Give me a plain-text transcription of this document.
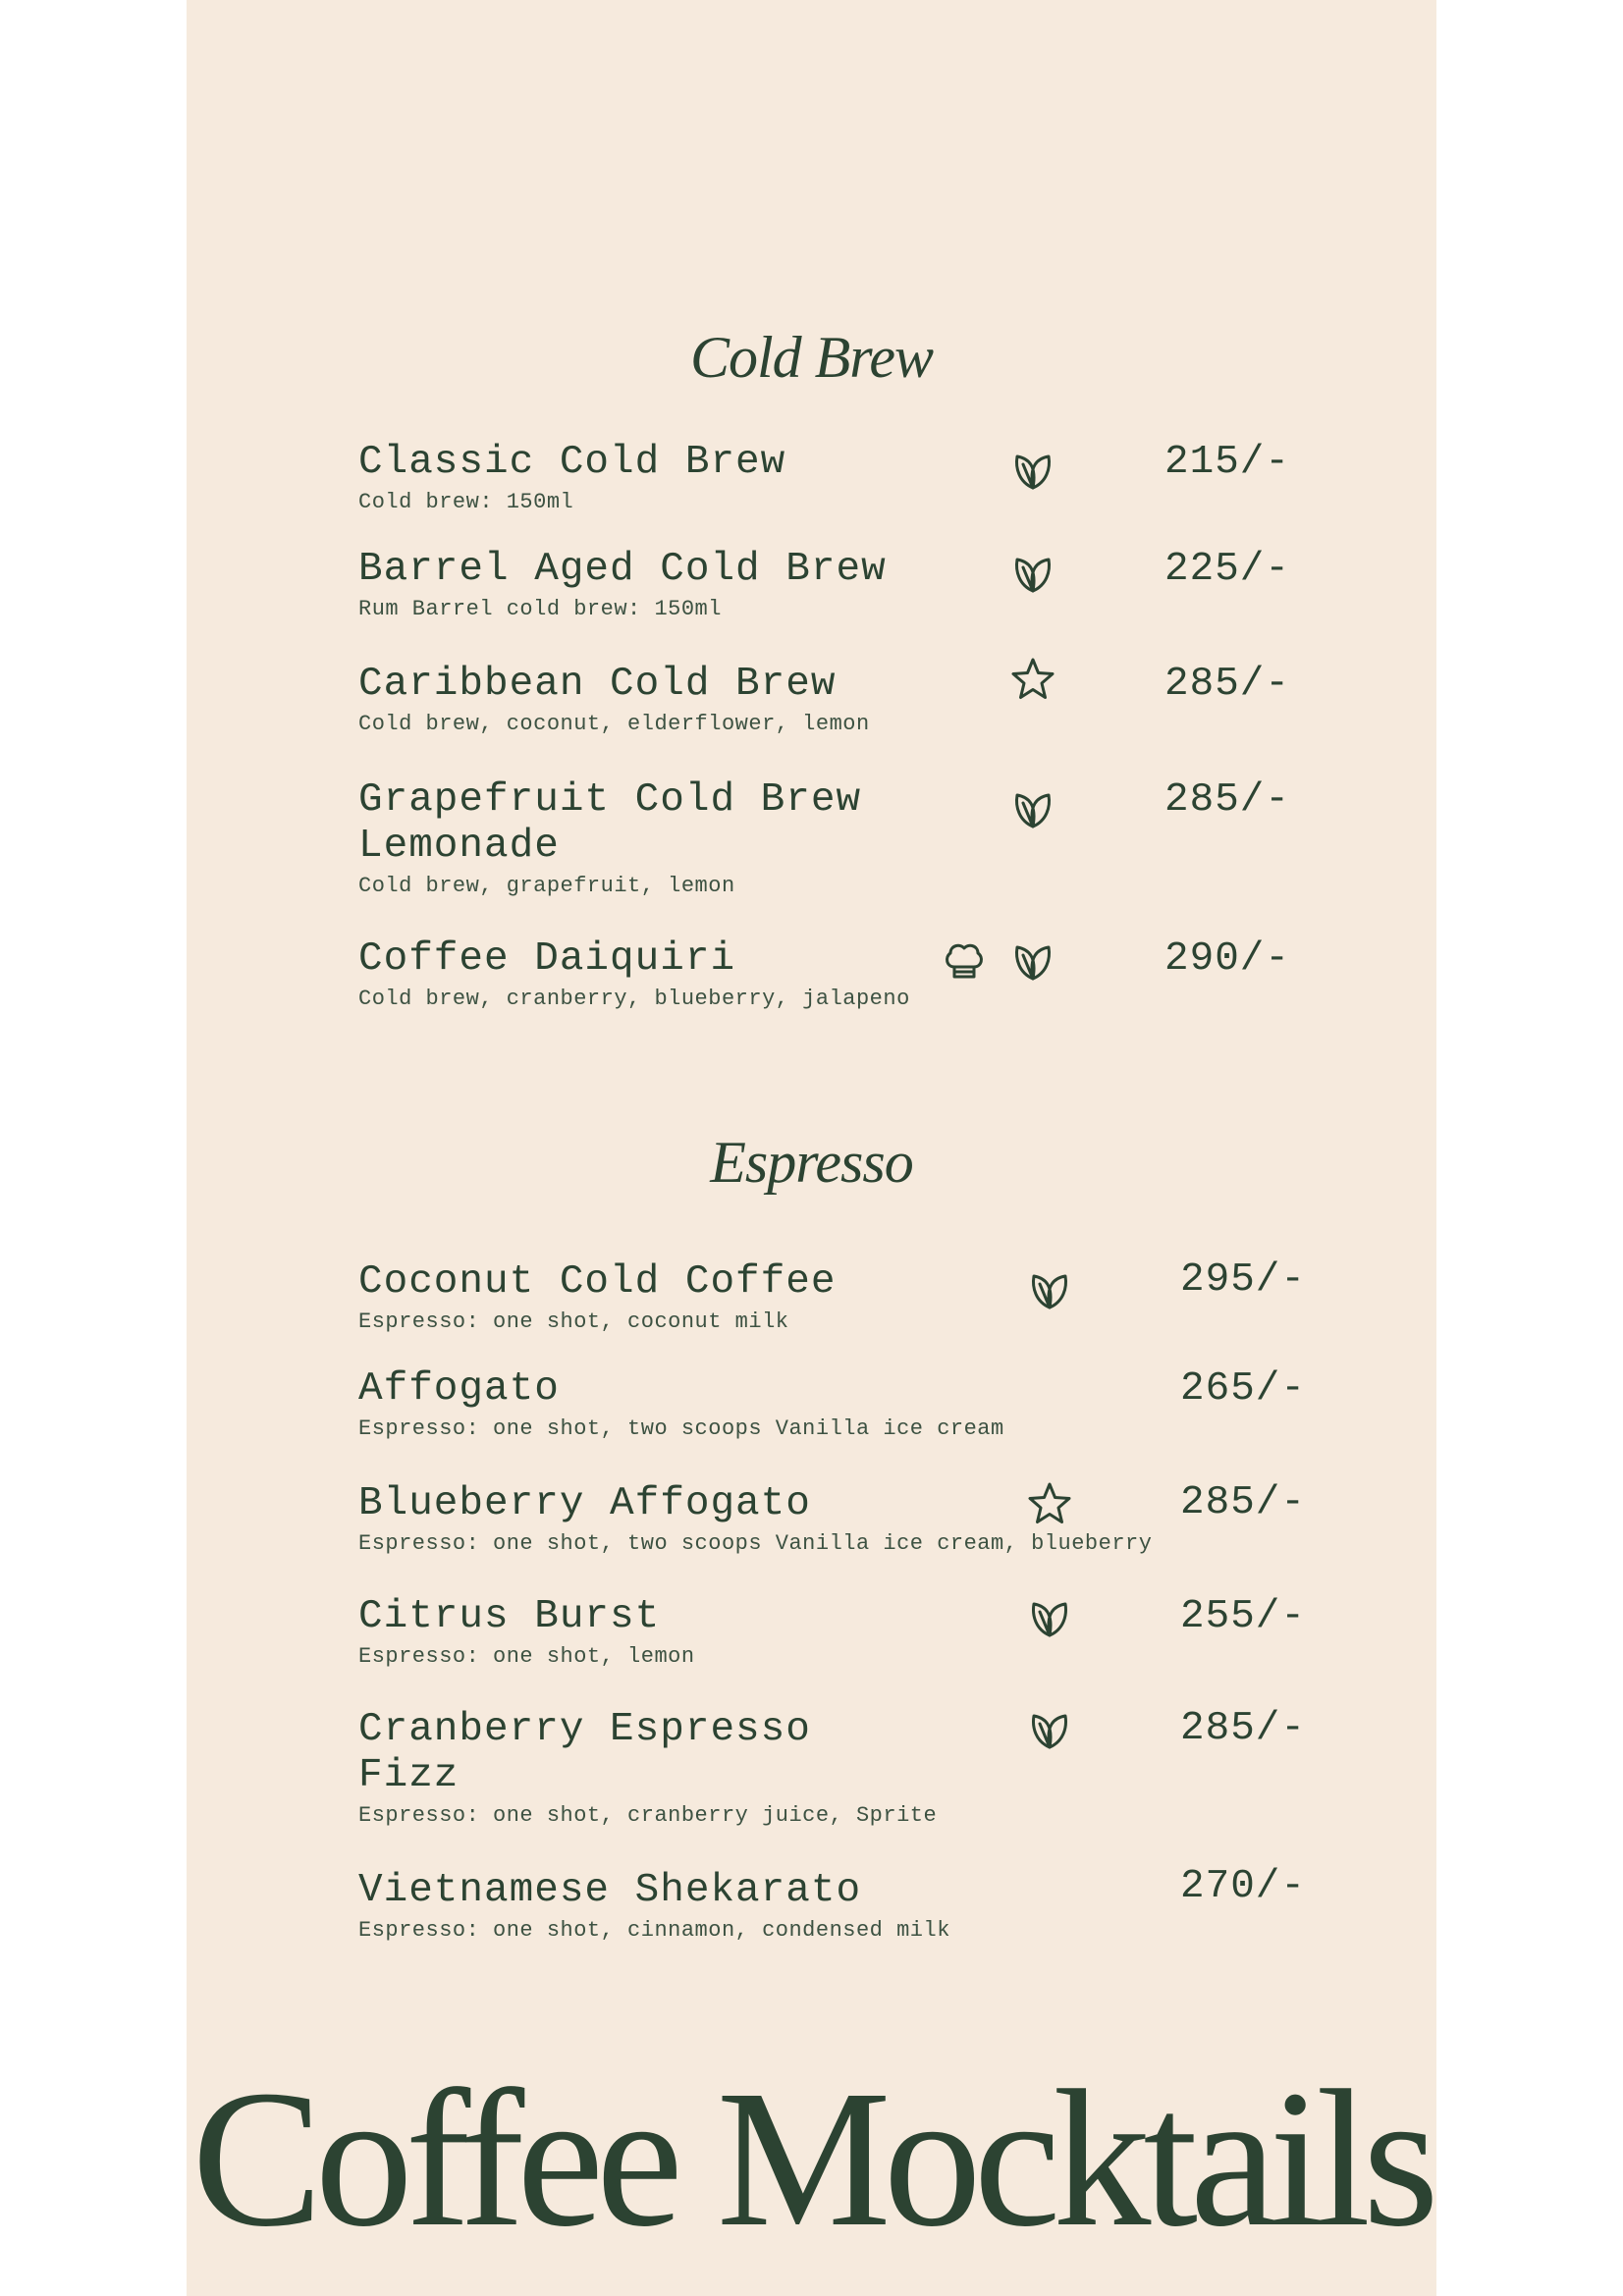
Cold Brew
Classic Cold Brew
Cold brew: 150ml
215/-
Barrel Aged Cold Brew
Rum Barrel cold brew: 150ml
225/-
Caribbean Cold Brew
Cold brew, coconut, elderflower, lemon
285/-
Grapefruit Cold Brew Lemonade
Cold brew, grapefruit, lemon
285/-
Coffee Daiquiri
Cold brew, cranberry, blueberry, jalapeno
290/-
Espresso
Coconut Cold Coffee
Espresso: one shot, coconut milk
295/-
Affogato
Espresso: one shot, two scoops Vanilla ice cream
265/-
Blueberry Affogato
Espresso: one shot, two scoops Vanilla ice cream, blueberry
285/-
Citrus Burst
Espresso: one shot, lemon
255/-
Cranberry Espresso Fizz
Espresso: one shot, cranberry juice, Sprite
285/-
Vietnamese Shekarato
Espresso: one shot, cinnamon, condensed milk
270/-
Coffee Mocktails
